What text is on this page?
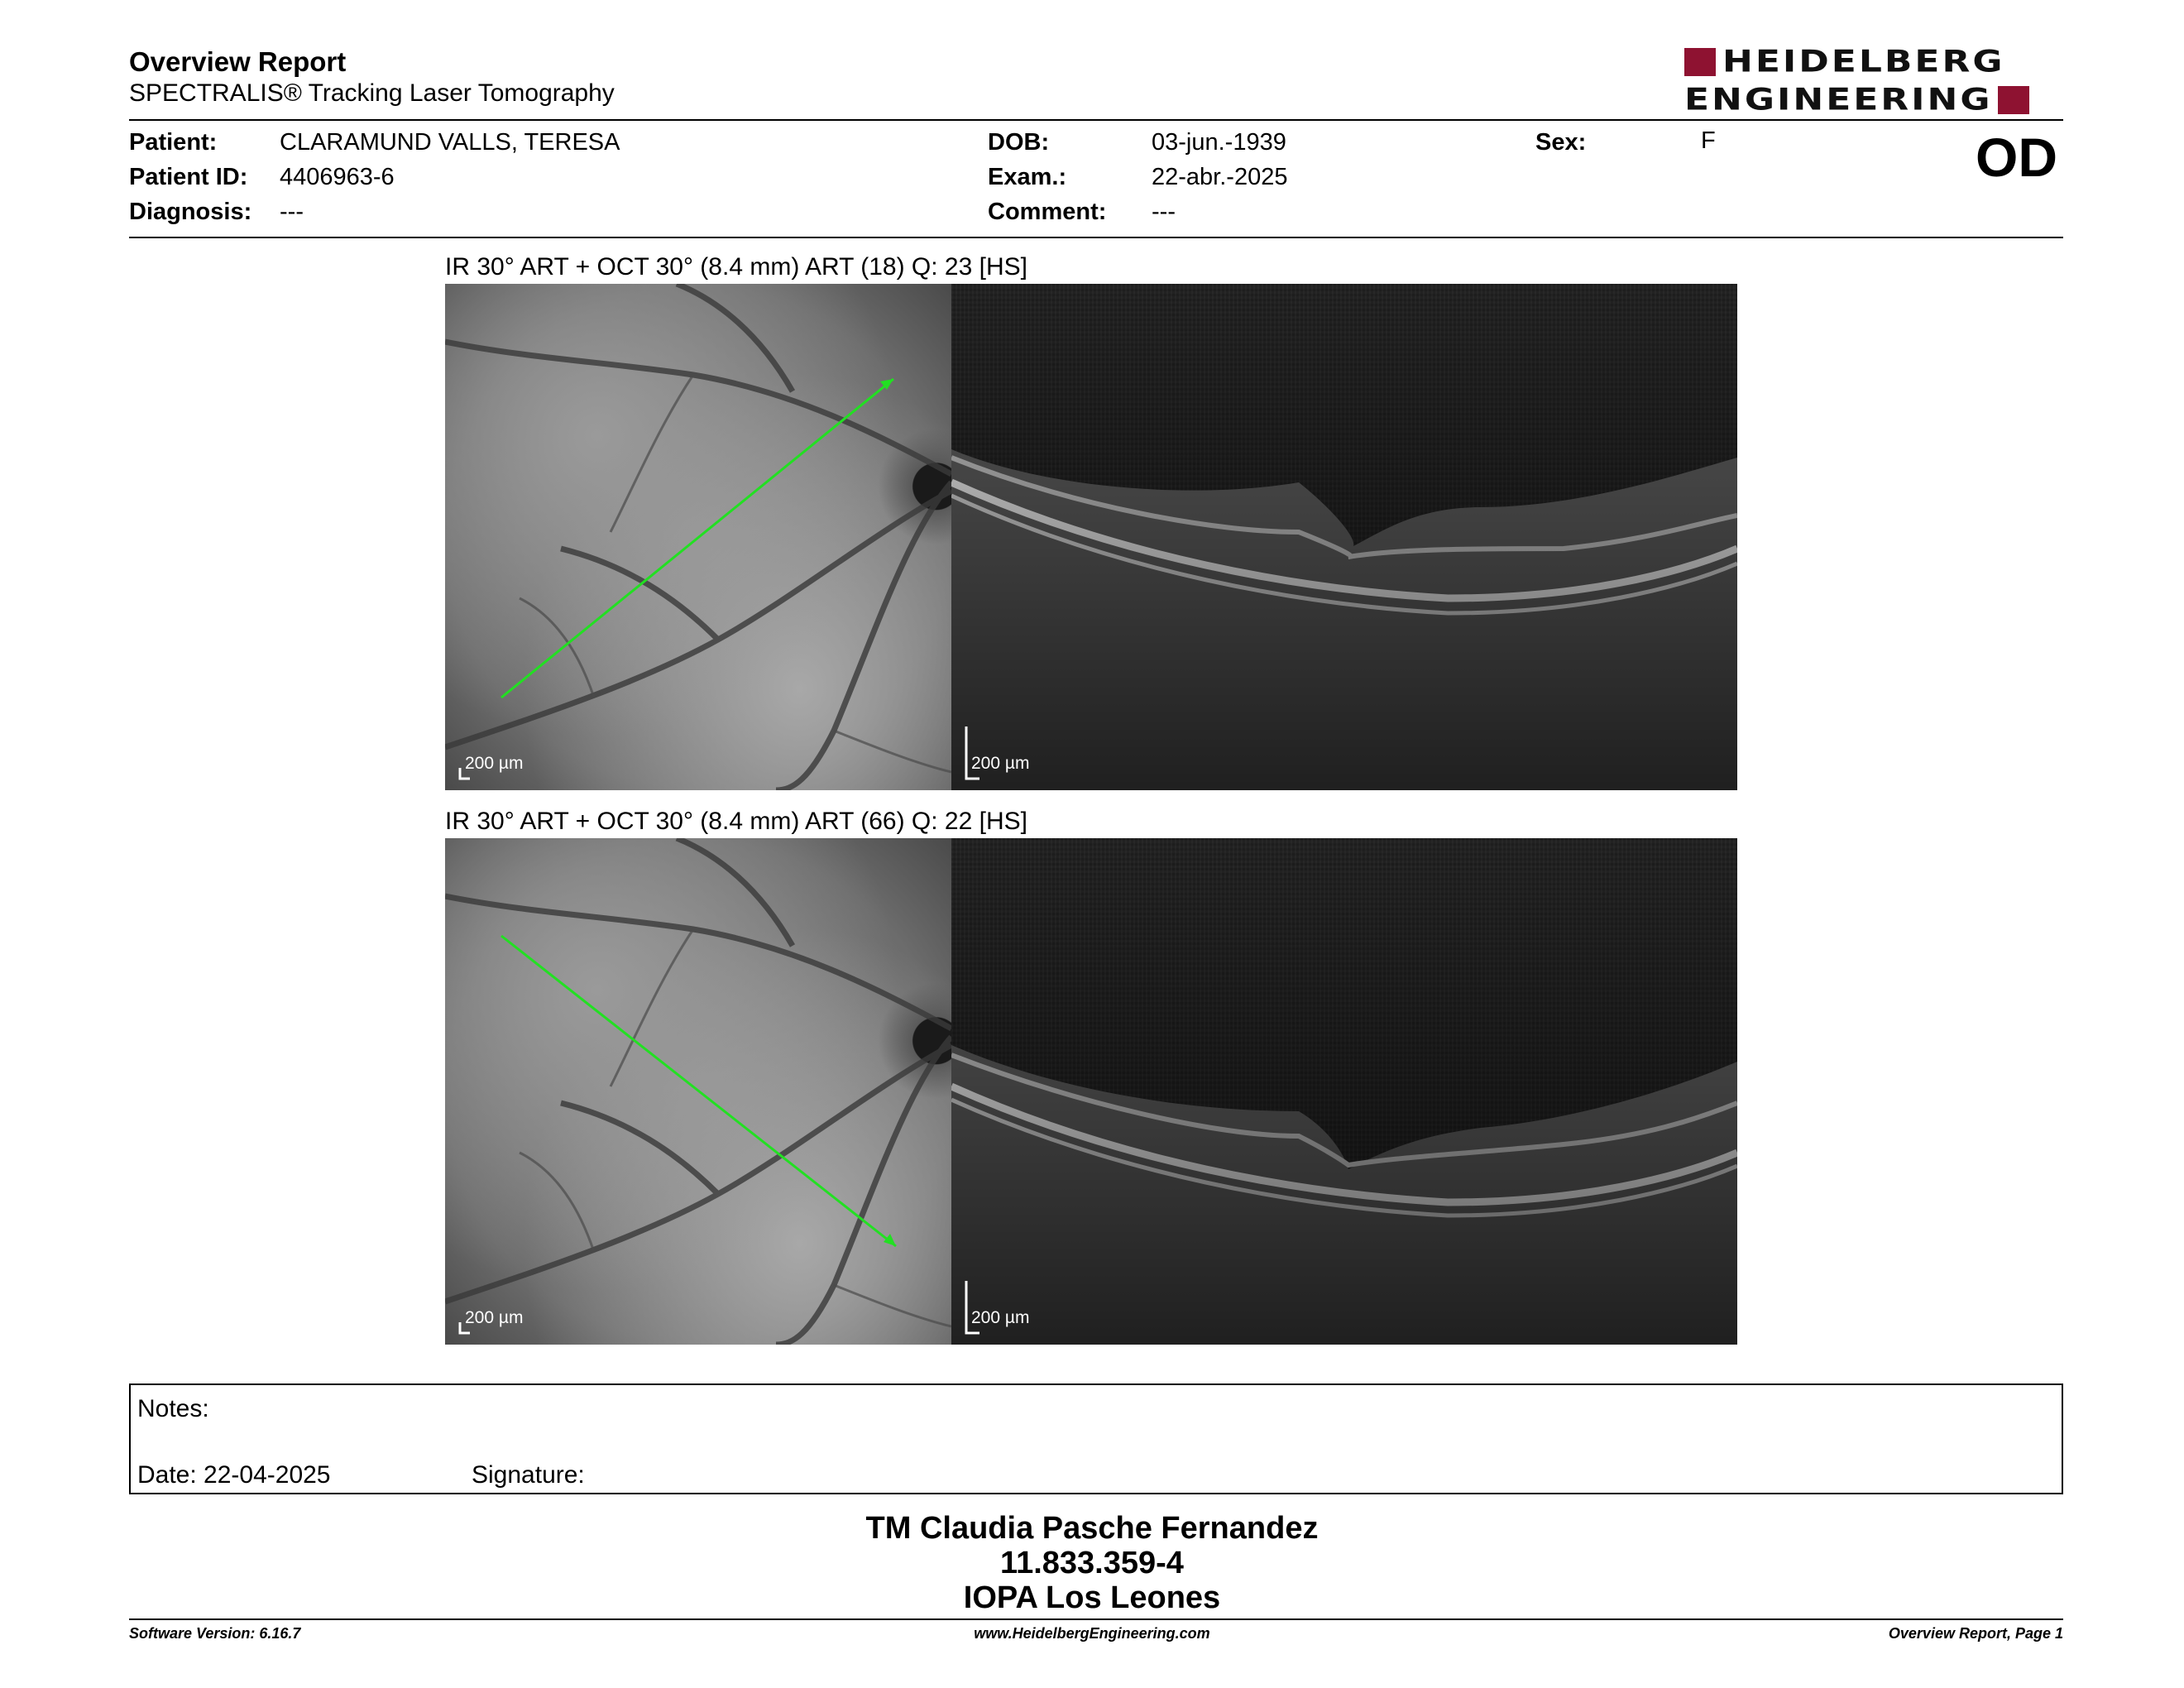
Overview Report
SPECTRALIS® Tracking Laser Tomography
HEIDELBERG
ENGINEERING
Patient:	CLARAMUND VALLS, TERESA
Patient ID: 4406963-6
Diagnosis: ---
DOB:	03-jun.-1939
Exam.:	22-abr.-2025
Comment: ---
Sex:	F	OD
IR 30° ART + OCT 30° (8.4 mm) ART (18) Q: 23 [HS]
200 µm	200 µm
IR 30° ART + OCT 30° (8.4 mm) ART (66) Q: 22 [HS]
200 µm	200 µm
Notes:
Date: 22-04-2025	Signature:
TM Claudia Pasche Fernandez
11.833.359-4
IOPA Los Leones
Software Version: 6.16.7	www.HeidelbergEngineering.com	Overview Report, Page 1
